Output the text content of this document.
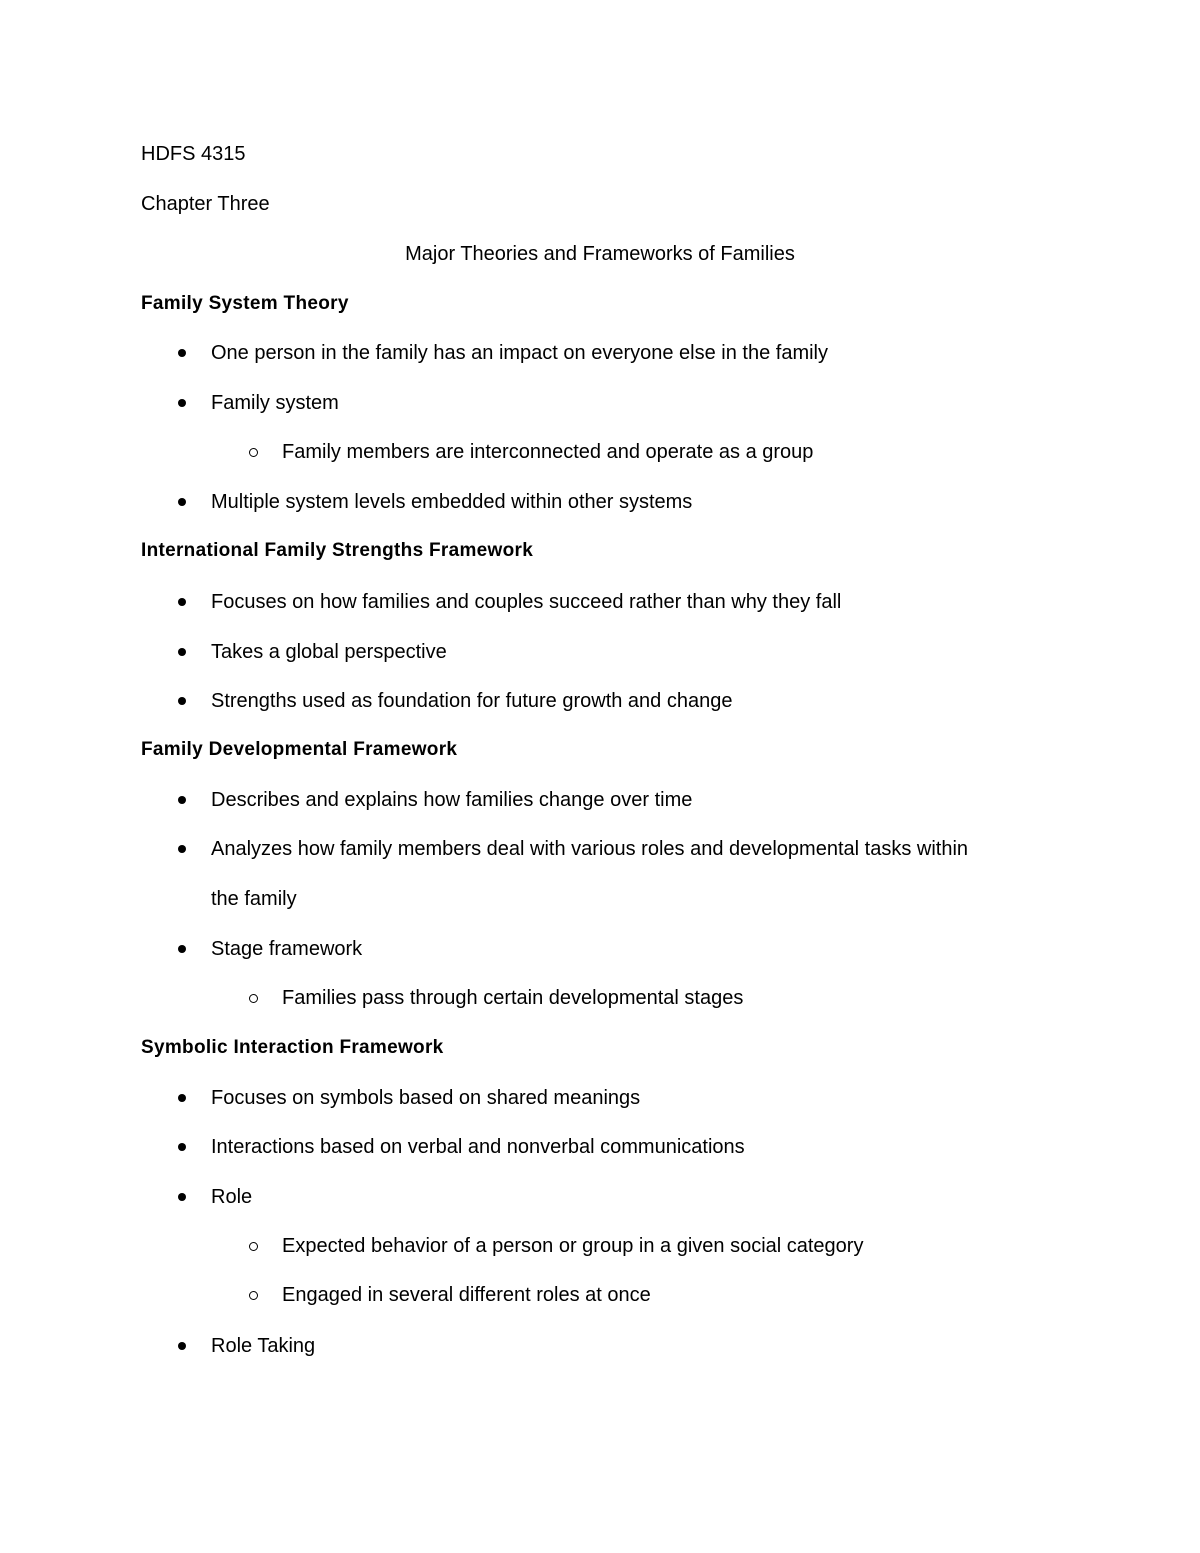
HDFS 4315
Chapter Three
Major Theories and Frameworks of Families
Family System Theory
One person in the family has an impact on everyone else in the family
Family system
Family members are interconnected and operate as a group
Multiple system levels embedded within other systems
International Family Strengths Framework
Focuses on how families and couples succeed rather than why they fall
Takes a global perspective
Strengths used as foundation for future growth and change
Family Developmental Framework
Describes and explains how families change over time
Analyzes how family members deal with various roles and developmental tasks within
the family
Stage framework
Families pass through certain developmental stages
Symbolic Interaction Framework
Focuses on symbols based on shared meanings
Interactions based on verbal and nonverbal communications
Role
Expected behavior of a person or group in a given social category
Engaged in several different roles at once
Role Taking
